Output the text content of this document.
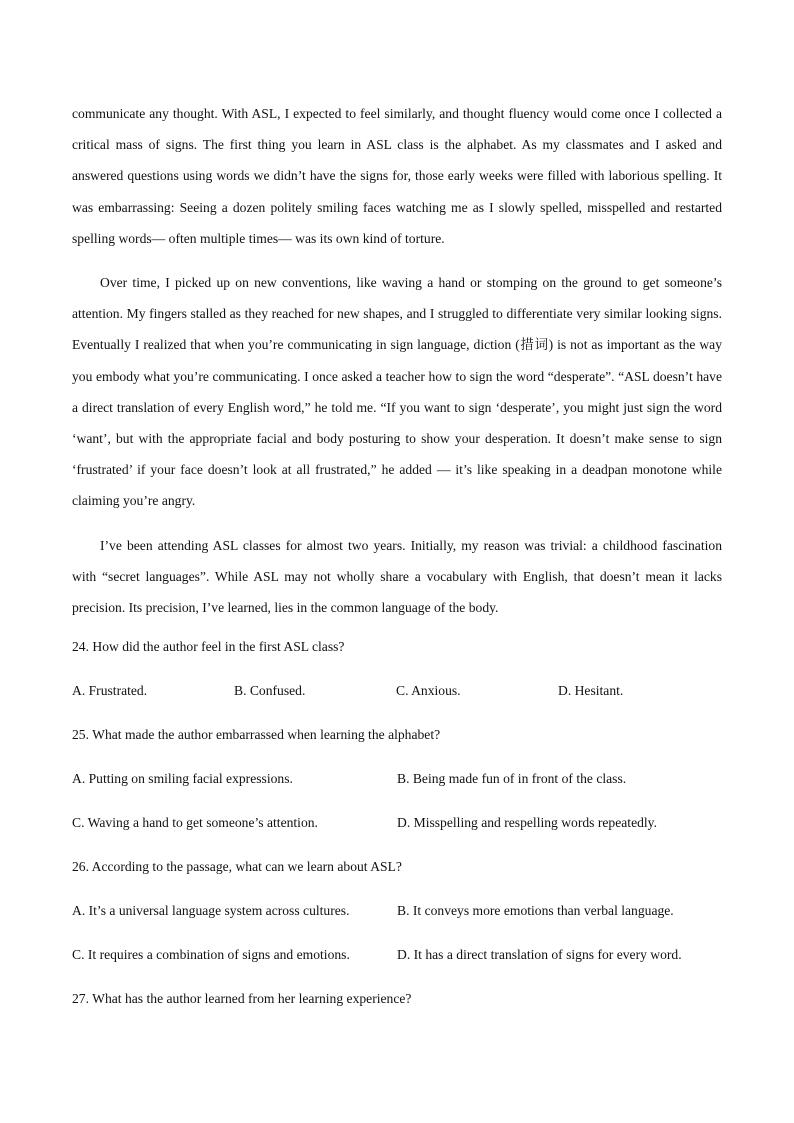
communicate any thought. With ASL, I expected to feel similarly, and thought fluency would come once I collected a critical mass of signs. The first thing you learn in ASL class is the alphabet. As my classmates and I asked and answered questions using words we didn’t have the signs for, those early weeks were filled with laborious spelling. It was embarrassing: Seeing a dozen politely smiling faces watching me as I slowly spelled, misspelled and restarted spelling words— often multiple times— was its own kind of torture.

Over time, I picked up on new conventions, like waving a hand or stomping on the ground to get someone’s attention. My fingers stalled as they reached for new shapes, and I struggled to differentiate very similar looking signs. Eventually I realized that when you’re communicating in sign language, diction (措词) is not as important as the way you embody what you’re communicating. I once asked a teacher how to sign the word “desperate”. “ASL doesn’t have a direct translation of every English word,” he told me. “If you want to sign ‘desperate’, you might just sign the word ‘want’, but with the appropriate facial and body posturing to show your desperation. It doesn’t make sense to sign ‘frustrated’ if your face doesn’t look at all frustrated,” he added — it’s like speaking in a deadpan monotone while claiming you’re angry.

I’ve been attending ASL classes for almost two years. Initially, my reason was trivial: a childhood fascination with “secret languages”. While ASL may not wholly share a vocabulary with English, that doesn’t mean it lacks precision. Its precision, I’ve learned, lies in the common language of the body.

24. How did the author feel in the first ASL class?

A. Frustrated.	B. Confused.	C. Anxious.	D. Hesitant.

25. What made the author embarrassed when learning the alphabet?

A. Putting on smiling facial expressions.	B. Being made fun of in front of the class.
C. Waving a hand to get someone’s attention.	D. Misspelling and respelling words repeatedly.

26. According to the passage, what can we learn about ASL?

A. It’s a universal language system across cultures.	B. It conveys more emotions than verbal language.
C. It requires a combination of signs and emotions.	D. It has a direct translation of signs for every word.

27. What has the author learned from her learning experience?
